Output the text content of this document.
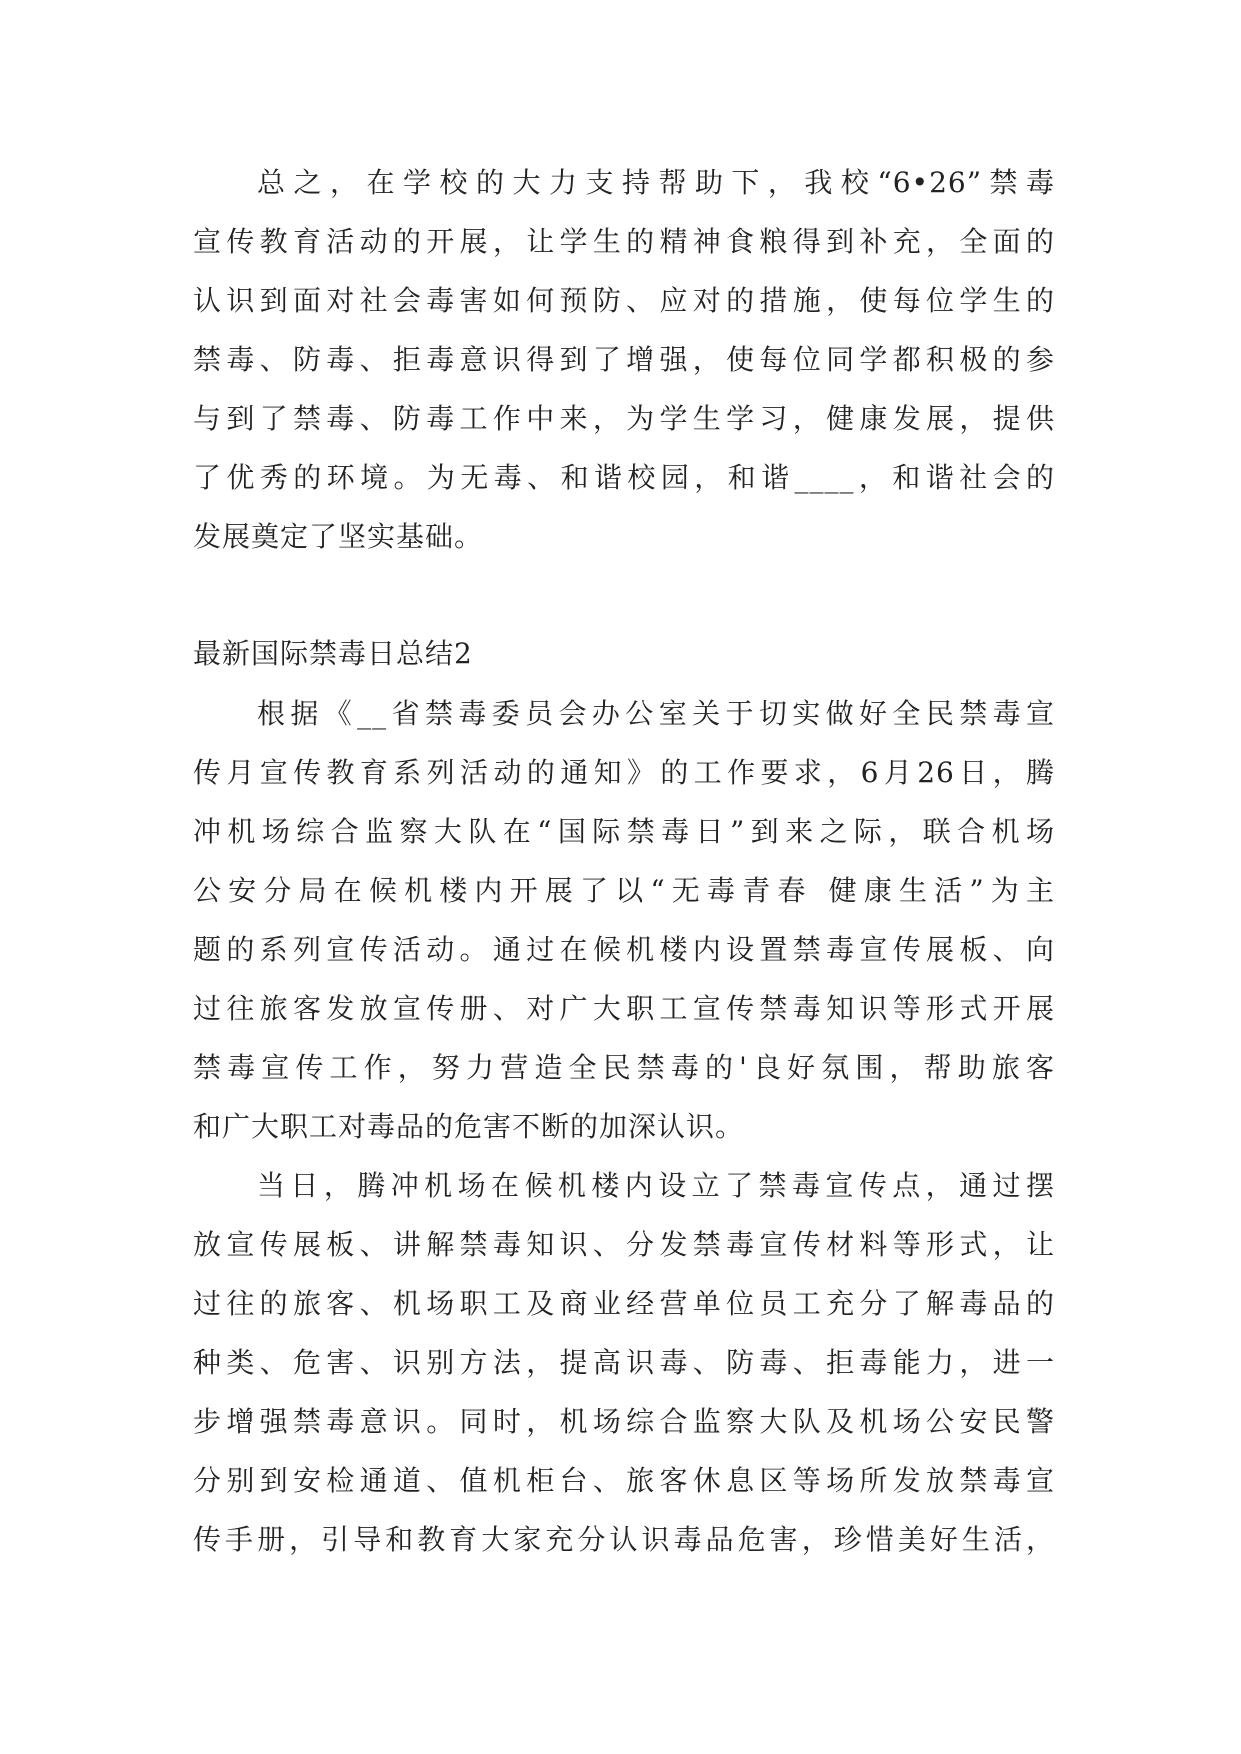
总之，在学校的大力支持帮助下，我校“6•26”禁毒
宣传教育活动的开展，让学生的精神食粮得到补充，全面的
认识到面对社会毒害如何预防、应对的措施，使每位学生的
禁毒、防毒、拒毒意识得到了增强，使每位同学都积极的参
与到了禁毒、防毒工作中来，为学生学习，健康发展，提供
了优秀的环境。为无毒、和谐校园，和谐____，和谐社会的
发展奠定了坚实基础。
最新国际禁毒日总结2
根据《__省禁毒委员会办公室关于切实做好全民禁毒宣
传月宣传教育系列活动的通知》的工作要求，6月26日，腾
冲机场综合监察大队在“国际禁毒日”到来之际，联合机场
公安分局在候机楼内开展了以“无毒青春 健康生活”为主
题的系列宣传活动。通过在候机楼内设置禁毒宣传展板、向
过往旅客发放宣传册、对广大职工宣传禁毒知识等形式开展
禁毒宣传工作，努力营造全民禁毒的'良好氛围，帮助旅客
和广大职工对毒品的危害不断的加深认识。
当日，腾冲机场在候机楼内设立了禁毒宣传点，通过摆
放宣传展板、讲解禁毒知识、分发禁毒宣传材料等形式，让
过往的旅客、机场职工及商业经营单位员工充分了解毒品的
种类、危害、识别方法，提高识毒、防毒、拒毒能力，进一
步增强禁毒意识。同时，机场综合监察大队及机场公安民警
分别到安检通道、值机柜台、旅客休息区等场所发放禁毒宣
传手册，引导和教育大家充分认识毒品危害，珍惜美好生活，
